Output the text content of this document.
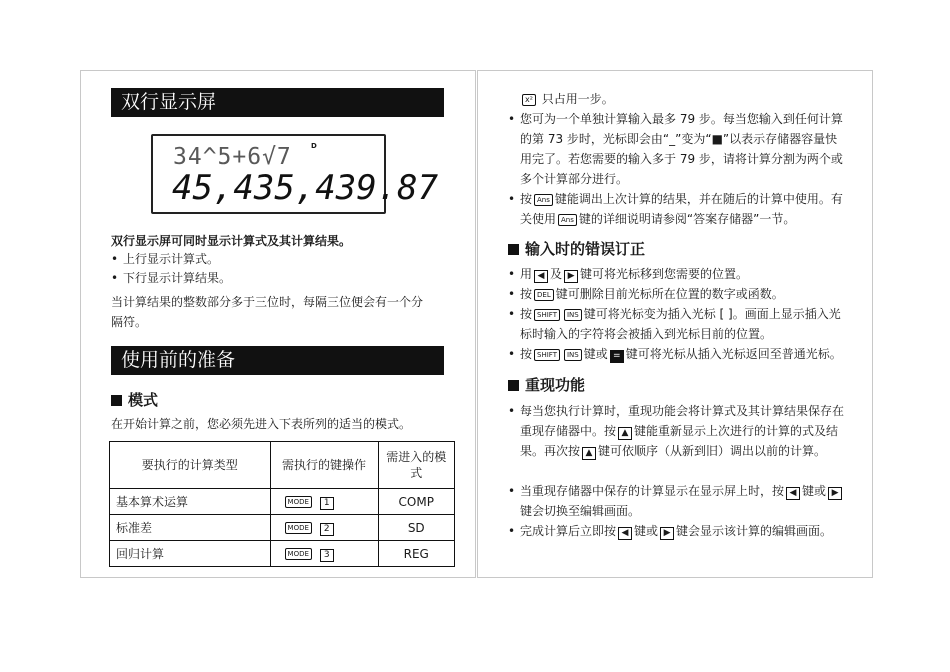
双行显示屏
34^5+6√7	D
45,435,439.87
双行显示屏可同时显示计算式及其计算结果。
• 上行显示计算式。
• 下行显示计算结果。
当计算结果的整数部分多于三位时，每隔三位便会有一个分隔符。
使用前的准备
模式
在开始计算之前，您必须先进入下表所列的适当的模式。
要执行的计算类型	需执行的键操作	需进入的模式
基本算术运算	MODE 1	COMP
标准差	MODE 2	SD
回归计算	MODE 3	REG
x² 只占用一步。
• 您可为一个单独计算输入最多 79 步。每当您输入到任何计算的第 73 步时，光标即会由“_”变为“■”以表示存储器容量快用完了。若您需要的输入多于 79 步，请将计算分割为两个或多个计算部分进行。
• 按 Ans 键能调出上次计算的结果，并在随后的计算中使用。有关使用 Ans 键的详细说明请参阅“答案存储器”一节。
输入时的错误订正
• 用 ◀ 及 ▶ 键可将光标移到您需要的位置。
• 按 DEL 键可删除目前光标所在位置的数字或函数。
• 按 SHIFT INS 键可将光标变为插入光标 [ ]。画面上显示插入光标时输入的字符将会被插入到光标目前的位置。
• 按 SHIFT INS 键或 = 键可将光标从插入光标返回至普通光标。
重现功能
• 每当您执行计算时，重现功能会将计算式及其计算结果保存在重现存储器中。按 ▲ 键能重新显示上次进行的计算的式及结果。再次按 ▲ 键可依顺序（从新到旧）调出以前的计算。
• 当重现存储器中保存的计算显示在显示屏上时，按 ◀ 键或 ▶键会切换至编辑画面。
• 完成计算后立即按 ◀ 键或 ▶ 键会显示该计算的编辑画面。
